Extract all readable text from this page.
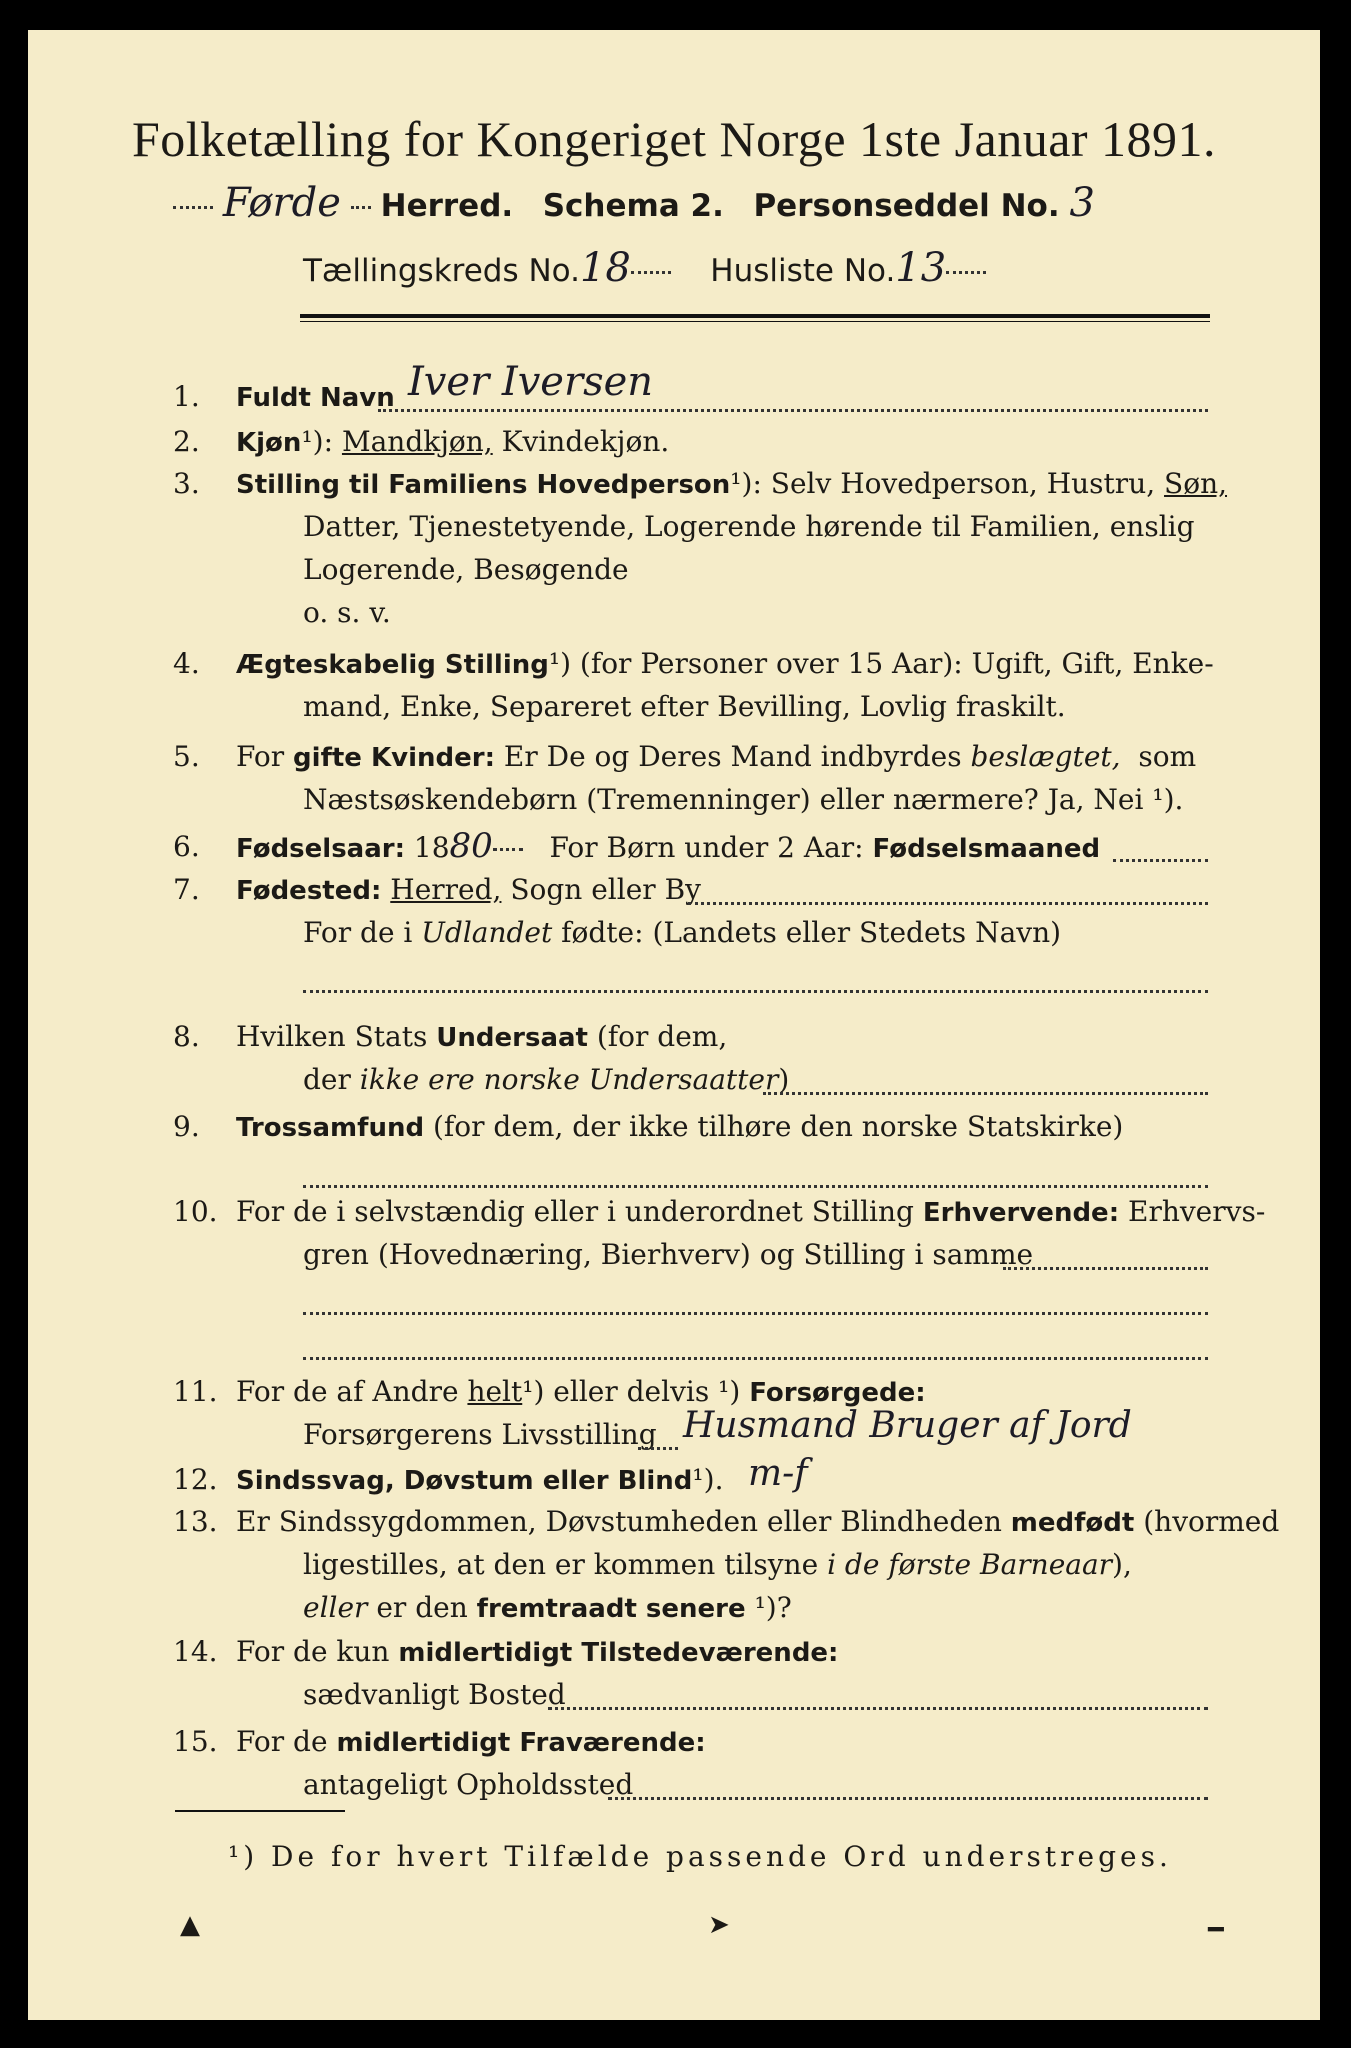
Folketælling for Kongeriget Norge 1ste Januar 1891.
Førde Herred. Schema 2. Personseddel No. 3
Tællingskreds No.18	Husliste No.13
1.	Fuldt Navn Iver Iversen
2.	Kjøn¹): Mandkjøn, Kvindekjøn.
3.	Stilling til Familiens Hovedperson¹): Selv Hovedperson, Hustru, Søn,
Datter, Tjenestetyende, Logerende hørende til Familien, enslig
Logerende, Besøgende
o. s. v.
4.	Ægteskabelig Stilling¹) (for Personer over 15 Aar): Ugift, Gift, Enke-
mand, Enke, Separeret efter Bevilling, Lovlig fraskilt.
5.	For gifte Kvinder: Er De og Deres Mand indbyrdes beslægtet, som
Næstsøskendebørn (Tremenninger) eller nærmere? Ja, Nei ¹).
6.	Fødselsaar: 1880 For Børn under 2 Aar: Fødselsmaaned
7.	Fødested: Herred, Sogn eller By
For de i Udlandet fødte: (Landets eller Stedets Navn)
8.	Hvilken Stats Undersaat (for dem,
der ikke ere norske Undersaatter)
9.	Trossamfund (for dem, der ikke tilhøre den norske Statskirke)
10. For de i selvstændig eller i underordnet Stilling Erhvervende: Erhvervs-
gren (Hovednæring, Bierhverv) og Stilling i samme
11. For de af Andre helt¹) eller delvis ¹) Forsørgede:
Forsørgerens Livsstilling Husmand Bruger af Jord
12. Sindssvag, Døvstum eller Blind¹). m-f
13. Er Sindssygdommen, Døvstumheden eller Blindheden medfødt (hvormed
ligestilles, at den er kommen tilsyne i de første Barneaar),
eller er den fremtraadt senere ¹)?
14. For de kun midlertidigt Tilstedeværende:
sædvanligt Bosted
15. For de midlertidigt Fraværende:
antageligt Opholdssted
¹) De for hvert Tilfælde passende Ord understreges.
▲	➤	━
